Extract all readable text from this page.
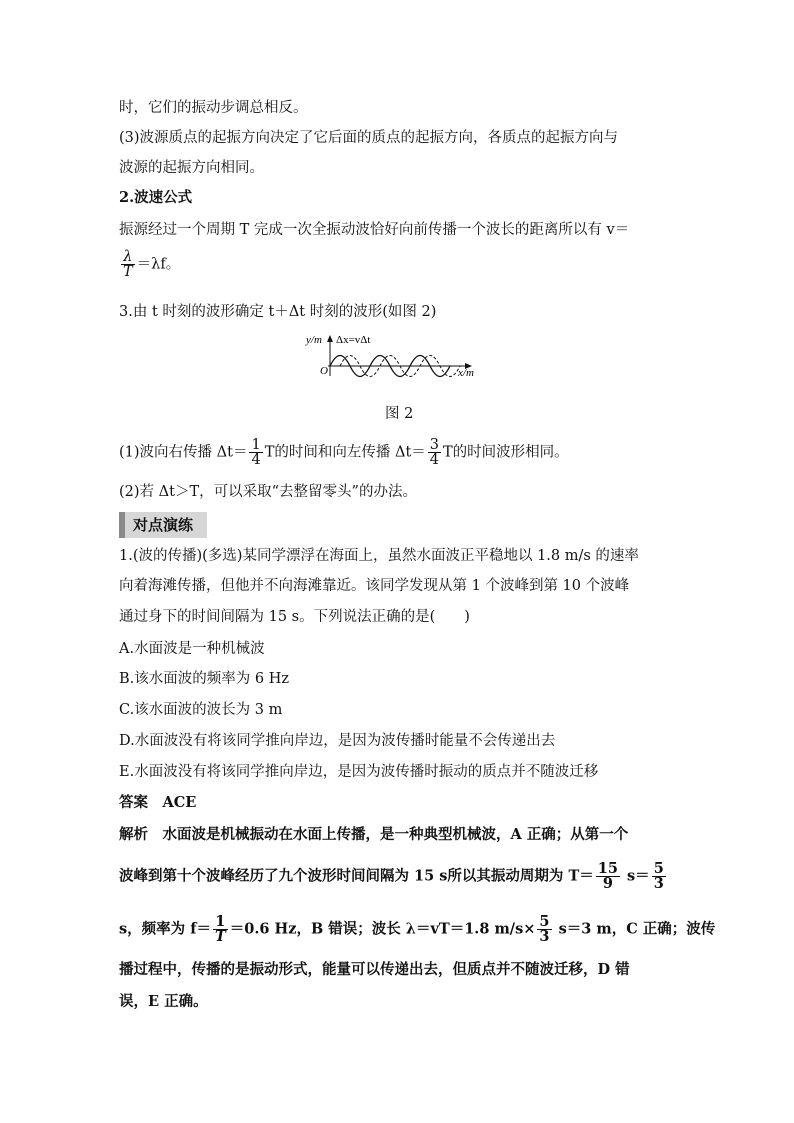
时，它们的振动步调总相反。
(3)波源质点的起振方向决定了它后面的质点的起振方向，各质点的起振方向与
波源的起振方向相同。
2.波速公式
振源经过一个周期 T 完成一次全振动波恰好向前传播一个波长的距离所以有 v＝
$\frac{\lambda}{T} =\lambda f$。
3.由 t 时刻的波形确定 t＋Δt 时刻的波形(如图 2)
y/m Δx=vΔt
O	x/m
图 2
(1)波向右传播 $\Delta t= \frac{1}{4}$ T的时间和向左传播 $\Delta t= \frac{3}{4}$ T的时间波形相同。
(2)若 Δt＞T，可以采取“去整留零头”的办法。
对点演练
1.(波的传播)(多选)某同学漂浮在海面上，虽然水面波正平稳地以 1.8 m/s 的速率
向着海滩传播，但他并不向海滩靠近。该同学发现从第 1 个波峰到第 10 个波峰
通过身下的时间间隔为 15 s。下列说法正确的是(　　)
A.水面波是一种机械波
B.该水面波的频率为 6 Hz
C.该水面波的波长为 3 m
D.水面波没有将该同学推向岸边，是因为波传播时能量不会传递出去
E.水面波没有将该同学推向岸边，是因为波传播时振动的质点并不随波迁移
答案　ACE
解析　水面波是机械振动在水面上传播，是一种典型机械波，A 正确；从第一个
波峰到第十个波峰经历了九个波形时间间隔为 15 s所以其振动周期为 $T= \frac{15}{9} s= \frac{5}{3}$
s，频率为 $f= \frac{1}{T} =0.6$ Hz，B 错误；波长 λ＝vT＝1.8 $m/s\times \frac{5}{3} s=3$ m，C 正确；波传
播过程中，传播的是振动形式，能量可以传递出去，但质点并不随波迁移，D 错
误，E 正确。
